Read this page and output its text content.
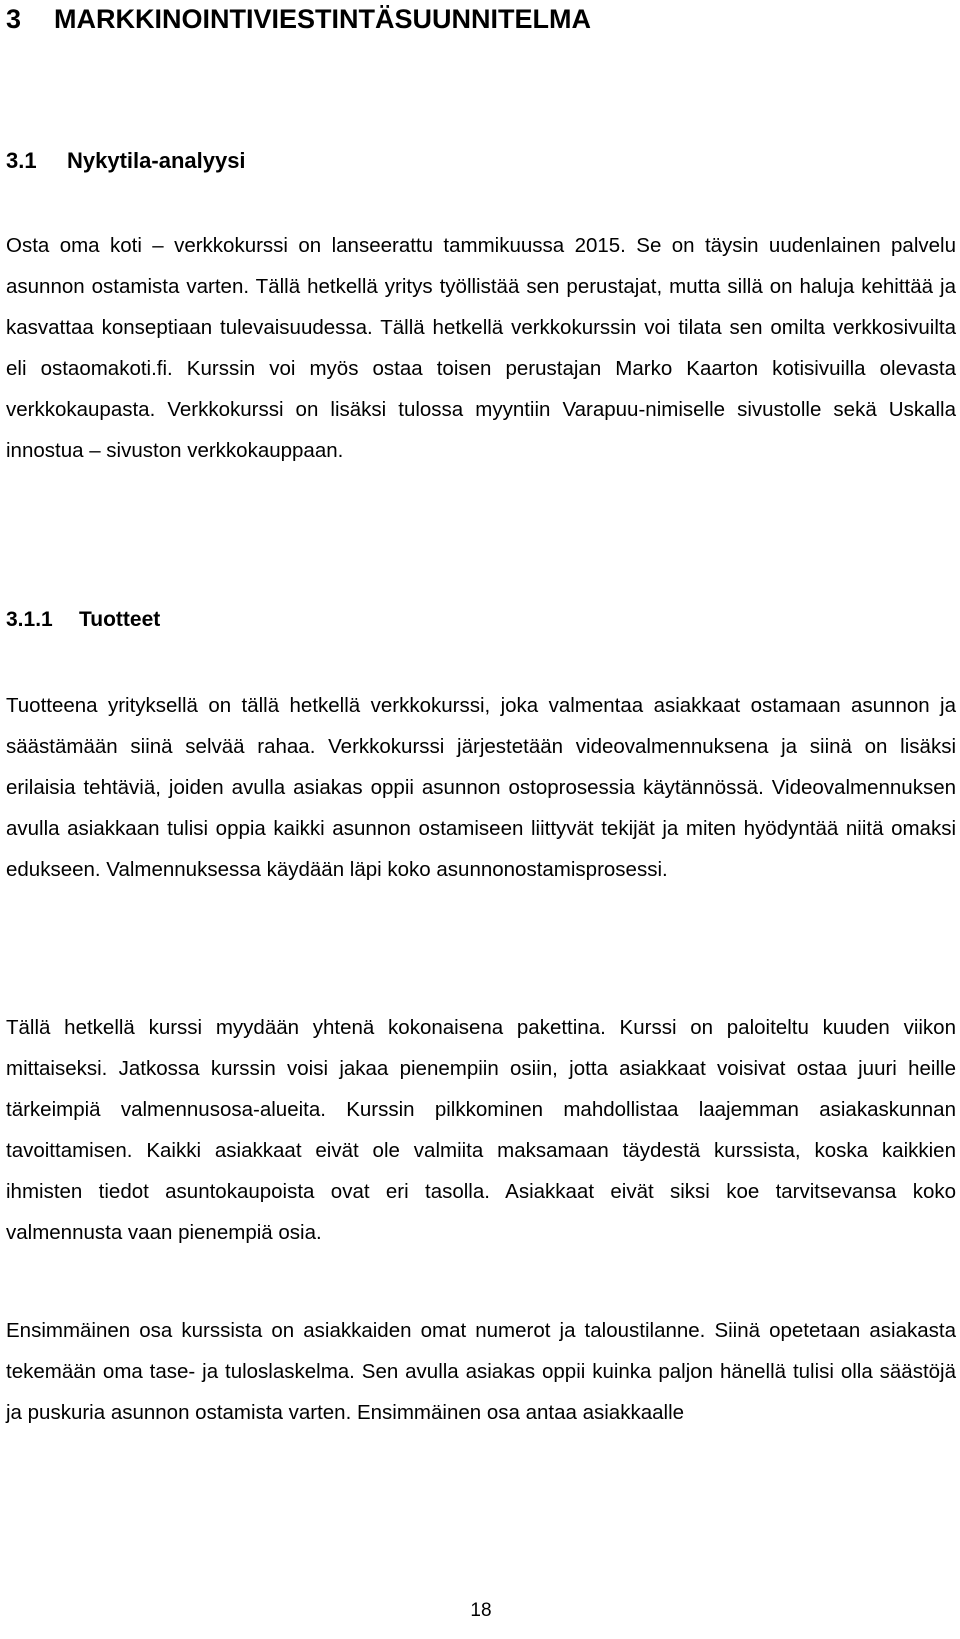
3 MARKKINOINTIVIESTINTÄSUUNNITELMA
3.1 Nykytila-analyysi

Osta oma koti – verkkokurssi on lanseerattu tammikuussa 2015. Se on täysin uudenlainen palvelu asunnon ostamista varten. Tällä hetkellä yritys työllistää sen perustajat, mutta sillä on haluja kehittää ja kasvattaa konseptiaan tulevaisuudessa. Tällä hetkellä verkkokurssin voi tilata sen omilta verkkosivuilta eli ostaomakoti.fi. Kurssin voi myös ostaa toisen perustajan Marko Kaarton kotisivuilla olevasta verkkokaupasta. Verkkokurssi on lisäksi tulossa myyntiin Varapuu-nimiselle sivustolle sekä Uskalla innostua – sivuston verkkokauppaan.

3.1.1 Tuotteet

Tuotteena yrityksellä on tällä hetkellä verkkokurssi, joka valmentaa asiakkaat ostamaan asunnon ja säästämään siinä selvää rahaa. Verkkokurssi järjestetään videovalmennuksena ja siinä on lisäksi erilaisia tehtäviä, joiden avulla asiakas oppii asunnon ostoprosessia käytännössä. Videovalmennuksen avulla asiakkaan tulisi oppia kaikki asunnon ostamiseen liittyvät tekijät ja miten hyödyntää niitä omaksi edukseen. Valmennuksessa käydään läpi koko asunnonostamisprosessi.

Tällä hetkellä kurssi myydään yhtenä kokonaisena pakettina. Kurssi on paloiteltu kuuden viikon mittaiseksi. Jatkossa kurssin voisi jakaa pienempiin osiin, jotta asiakkaat voisivat ostaa juuri heille tärkeimpiä valmennusosa-alueita. Kurssin pilkkominen mahdollistaa laajemman asiakaskunnan tavoittamisen. Kaikki asiakkaat eivät ole valmiita maksamaan täydestä kurssista, koska kaikkien ihmisten tiedot asuntokaupoista ovat eri tasolla. Asiakkaat eivät siksi koe tarvitsevansa koko valmennusta vaan pienempiä osia.

Ensimmäinen osa kurssista on asiakkaiden omat numerot ja taloustilanne. Siinä opetetaan asiakasta tekemään oma tase- ja tuloslaskelma. Sen avulla asiakas oppii kuinka paljon hänellä tulisi olla säästöjä ja puskuria asunnon ostamista varten. Ensimmäinen osa antaa asiakkaalle

18
